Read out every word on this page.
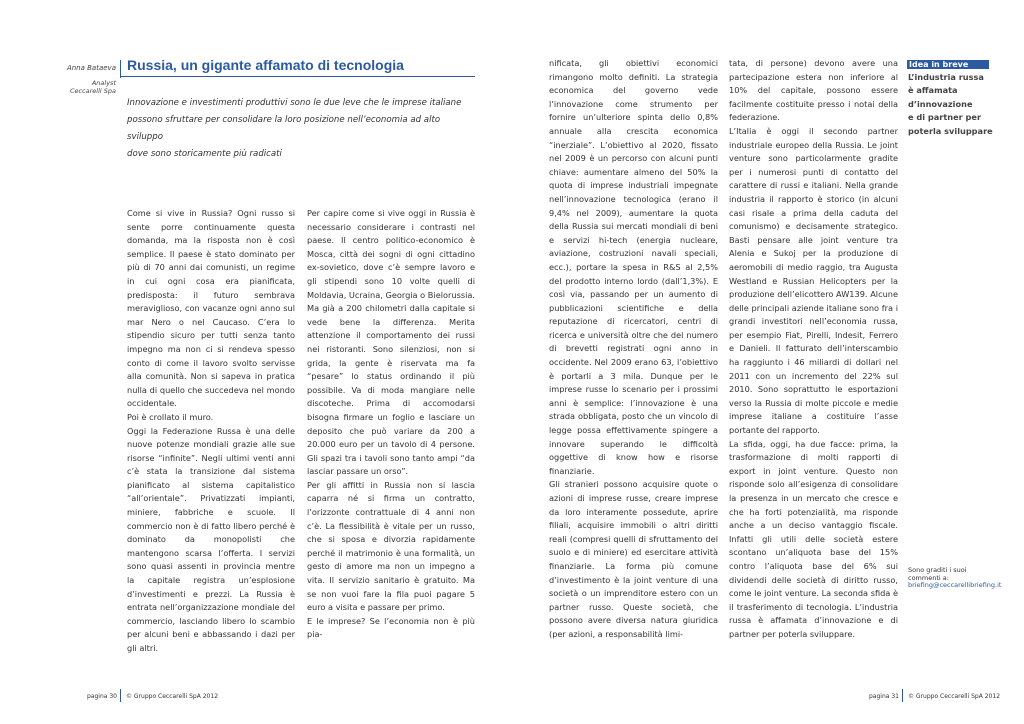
Anna Bataeva
Analyst
Ceccarelli Spa
Russia, un gigante affamato di tecnologia

Innovazione e investimenti produttivi sono le due leve che le imprese italiane

possono sfruttare per consolidare la loro posizione nell’economia ad alto sviluppo

dove sono storicamente più radicati

Come si vive in Russia? Ogni russo si sente porre continuamente questa domanda, ma la risposta non è così semplice. Il paese è stato dominato per più di 70 anni dai comunisti, un regime in cui ogni cosa era pianificata, predisposta: il futuro sembrava meraviglioso, con vacanze ogni anno sul mar Nero o nel Caucaso. C’era lo stipendio sicuro per tutti senza tanto impegno ma non ci si rendeva spesso conto di come il lavoro svolto servisse alla comunità. Non si sapeva in pratica nulla di quello che succedeva nel mondo occidentale.

Poi è crollato il muro.

Oggi la Federazione Russa è una delle nuove potenze mondiali grazie alle sue risorse “infinite”. Negli ultimi venti anni c’è stata la transizione dal sistema pianificato al sistema capitalistico “all’orientale”. Privatizzati impianti, miniere, fabbriche e scuole. Il commercio non è di fatto libero perché è dominato da monopolisti che mantengono scarsa l’offerta. I servizi sono quasi assenti in provincia mentre la capitale registra un’esplosione d’investimenti e prezzi. La Russia è entrata nell’organizzazione mondiale del commercio, lasciando libero lo scambio per alcuni beni e abbassando i dazi per gli altri.

Per capire come si vive oggi in Russia è necessario considerare i contrasti nel paese. Il centro politico-economico è Mosca, città dei sogni di ogni cittadino ex-sovietico, dove c’è sempre lavoro e gli stipendi sono 10 volte quelli di Moldavia, Ucraina, Georgia o Bielorussia. Ma già a 200 chilometri dalla capitale si vede bene la differenza. Merita attenzione il comportamento dei russi nei ristoranti. Sono silenziosi, non si grida, la gente è riservata ma fa “pesare” lo status ordinando il più possibile. Va di moda mangiare nelle discoteche. Prima di accomodarsi bisogna firmare un foglio e lasciare un deposito che può variare da 200 a 20.000 euro per un tavolo di 4 persone. Gli spazi tra i tavoli sono tanto ampi “da lasciar passare un orso”.

Per gli affitti in Russia non si lascia caparra né si firma un contratto, l’orizzonte contrattuale di 4 anni non c’è. La flessibilità è vitale per un russo, che si sposa e divorzia rapidamente perché il matrimonio è una formalità, un gesto di amore ma non un impegno a vita. Il servizio sanitario è gratuito. Ma se non vuoi fare la fila puoi pagare 5 euro a visita e passare per primo.

E le imprese? Se l’economia non è più pia-

nificata, gli obiettivi economici rimangono molto definiti. La strategia economica del governo vede l’innovazione come strumento per fornire un’ulteriore spinta dello 0,8% annuale alla crescita economica “inerziale”. L’obiettivo al 2020, fissato nel 2009 è un percorso con alcuni punti chiave: aumentare almeno del 50% la quota di imprese industriali impegnate nell’innovazione tecnologica (erano il 9,4% nel 2009), aumentare la quota della Russia sui mercati mondiali di beni e servizi hi-tech (energia nucleare, aviazione, costruzioni navali speciali, ecc.), portare la spesa in R&S al 2,5% del prodotto interno lordo (dall’1,3%). E così via, passando per un aumento di pubblicazioni scientifiche e della reputazione di ricercatori, centri di ricerca e università oltre che del numero di brevetti registrati ogni anno in occidente. Nel 2009 erano 63, l’obiettivo è portarli a 3 mila. Dunque per le imprese russe lo scenario per i prossimi anni è semplice: l’innovazione è una strada obbligata, posto che un vincolo di legge possa effettivamente spingere a innovare superando le difficoltà oggettive di know how e risorse finanziarie.

Gli stranieri possono acquisire quote o azioni di imprese russe, creare imprese da loro interamente possedute, aprire filiali, acquisire immobili o altri diritti reali (compresi quelli di sfruttamento del suolo e di miniere) ed esercitare attività finanziarie. La forma più comune d’investimento è la joint venture di una società o un imprenditore estero con un partner russo. Queste società, che possono avere diversa natura giuridica (per azioni, a responsabilità limi-

tata, di persone) devono avere una partecipazione estera non inferiore al 10% del capitale, possono essere facilmente costituite presso i notai della federazione.

L’Italia è oggi il secondo partner industriale europeo della Russia. Le joint venture sono particolarmente gradite per i numerosi punti di contatto del carattere di russi e italiani. Nella grande industria il rapporto è storico (in alcuni casi risale a prima della caduta del comunismo) e decisamente strategico. Basti pensare alle joint venture tra Alenia e Sukoj per la produzione di aeromobili di medio raggio, tra Augusta Westland e Russian Helicopters per la produzione dell’elicottero AW139. Alcune delle principali aziende italiane sono fra i grandi investitori nell’economia russa, per esempio Fiat, Pirelli, Indesit, Ferrero e Danieli. Il fatturato dell’interscambio ha raggiunto i 46 miliardi di dollari nel 2011 con un incremento del 22% sul 2010. Sono soprattutto le esportazioni verso la Russia di molte piccole e medie imprese italiane a costituire l’asse portante del rapporto.

La sfida, oggi, ha due facce: prima, la trasformazione di molti rapporti di export in joint venture. Questo non risponde solo all’esigenza di consolidare la presenza in un mercato che cresce e che ha forti potenzialità, ma risponde anche a un deciso vantaggio fiscale. Infatti gli utili delle società estere scontano un’aliquota base del 15% contro l’aliquota base del 6% sui dividendi delle società di diritto russo, come le joint venture. La seconda sfida è il trasferimento di tecnologia. L’industria russa è affamata d’innovazione e di partner per poterla sviluppare.

Idea in breve

L’industria russa

è affamata

d’innovazione

e di partner per

poterla sviluppare

Sono graditi i suoi
commenti a:
briefing@ceccarellibriefing.it
pagina 30 © Gruppo Ceccarelli SpA 2012	pagina 31 © Gruppo Ceccarelli SpA 2012
